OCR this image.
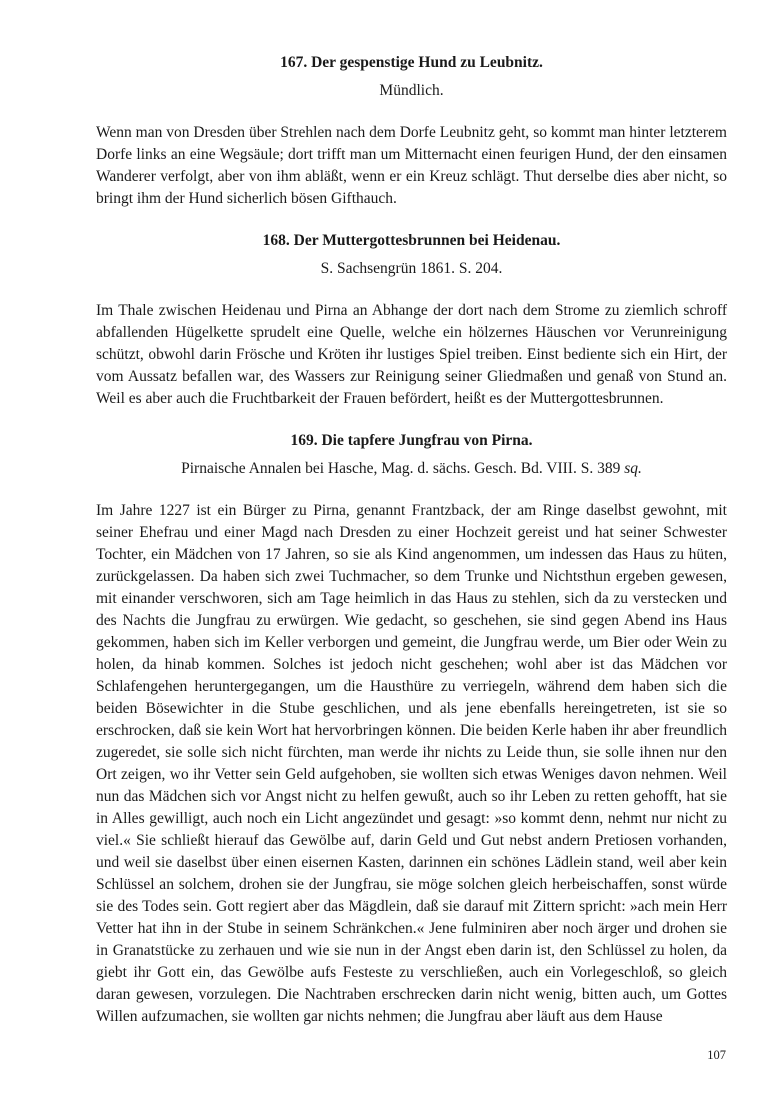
167. Der gespenstige Hund zu Leubnitz.

Mündlich.

Wenn man von Dresden über Strehlen nach dem Dorfe Leubnitz geht, so kommt man hinter letzterem Dorfe links an eine Wegsäule; dort trifft man um Mitternacht einen feurigen Hund, der den einsamen Wanderer verfolgt, aber von ihm abläßt, wenn er ein Kreuz schlägt. Thut derselbe dies aber nicht, so bringt ihm der Hund sicherlich bösen Gifthauch.

168. Der Muttergottesbrunnen bei Heidenau.

S. Sachsengrün 1861. S. 204.

Im Thale zwischen Heidenau und Pirna an Abhange der dort nach dem Strome zu ziemlich schroff abfallenden Hügelkette sprudelt eine Quelle, welche ein hölzernes Häuschen vor Verunreinigung schützt, obwohl darin Frösche und Kröten ihr lustiges Spiel treiben. Einst bediente sich ein Hirt, der vom Aussatz befallen war, des Wassers zur Reinigung seiner Gliedmaßen und genaß von Stund an. Weil es aber auch die Fruchtbarkeit der Frauen befördert, heißt es der Muttergottesbrunnen.

169. Die tapfere Jungfrau von Pirna.

Pirnaische Annalen bei Hasche, Mag. d. sächs. Gesch. Bd. VIII. S. 389 sq.

Im Jahre 1227 ist ein Bürger zu Pirna, genannt Frantzback, der am Ringe daselbst gewohnt, mit seiner Ehefrau und einer Magd nach Dresden zu einer Hochzeit gereist und hat seiner Schwester Tochter, ein Mädchen von 17 Jahren, so sie als Kind angenommen, um indessen das Haus zu hüten, zurückgelassen. Da haben sich zwei Tuchmacher, so dem Trunke und Nichtsthun ergeben gewesen, mit einander verschworen, sich am Tage heimlich in das Haus zu stehlen, sich da zu verstecken und des Nachts die Jungfrau zu erwürgen. Wie gedacht, so geschehen, sie sind gegen Abend ins Haus gekommen, haben sich im Keller verborgen und gemeint, die Jungfrau werde, um Bier oder Wein zu holen, da hinab kommen. Solches ist jedoch nicht geschehen; wohl aber ist das Mädchen vor Schlafengehen heruntergegangen, um die Hausthüre zu verriegeln, während dem haben sich die beiden Bösewichter in die Stube geschlichen, und als jene ebenfalls hereingetreten, ist sie so erschrocken, daß sie kein Wort hat hervorbringen können. Die beiden Kerle haben ihr aber freundlich zugeredet, sie solle sich nicht fürchten, man werde ihr nichts zu Leide thun, sie solle ihnen nur den Ort zeigen, wo ihr Vetter sein Geld aufgehoben, sie wollten sich etwas Weniges davon nehmen. Weil nun das Mädchen sich vor Angst nicht zu helfen gewußt, auch so ihr Leben zu retten gehofft, hat sie in Alles gewilligt, auch noch ein Licht angezündet und gesagt: »so kommt denn, nehmt nur nicht zu viel.« Sie schließt hierauf das Gewölbe auf, darin Geld und Gut nebst andern Pretiosen vorhanden, und weil sie daselbst über einen eisernen Kasten, darinnen ein schönes Lädlein stand, weil aber kein Schlüssel an solchem, drohen sie der Jungfrau, sie möge solchen gleich herbeischaffen, sonst würde sie des Todes sein. Gott regiert aber das Mägdlein, daß sie darauf mit Zittern spricht: »ach mein Herr Vetter hat ihn in der Stube in seinem Schränkchen.« Jene fulminiren aber noch ärger und drohen sie in Granatstücke zu zerhauen und wie sie nun in der Angst eben darin ist, den Schlüssel zu holen, da giebt ihr Gott ein, das Gewölbe aufs Festeste zu verschließen, auch ein Vorlegeschloß, so gleich daran gewesen, vorzulegen. Die Nachtraben erschrecken darin nicht wenig, bitten auch, um Gottes Willen aufzumachen, sie wollten gar nichts nehmen; die Jungfrau aber läuft aus dem Hause

107
